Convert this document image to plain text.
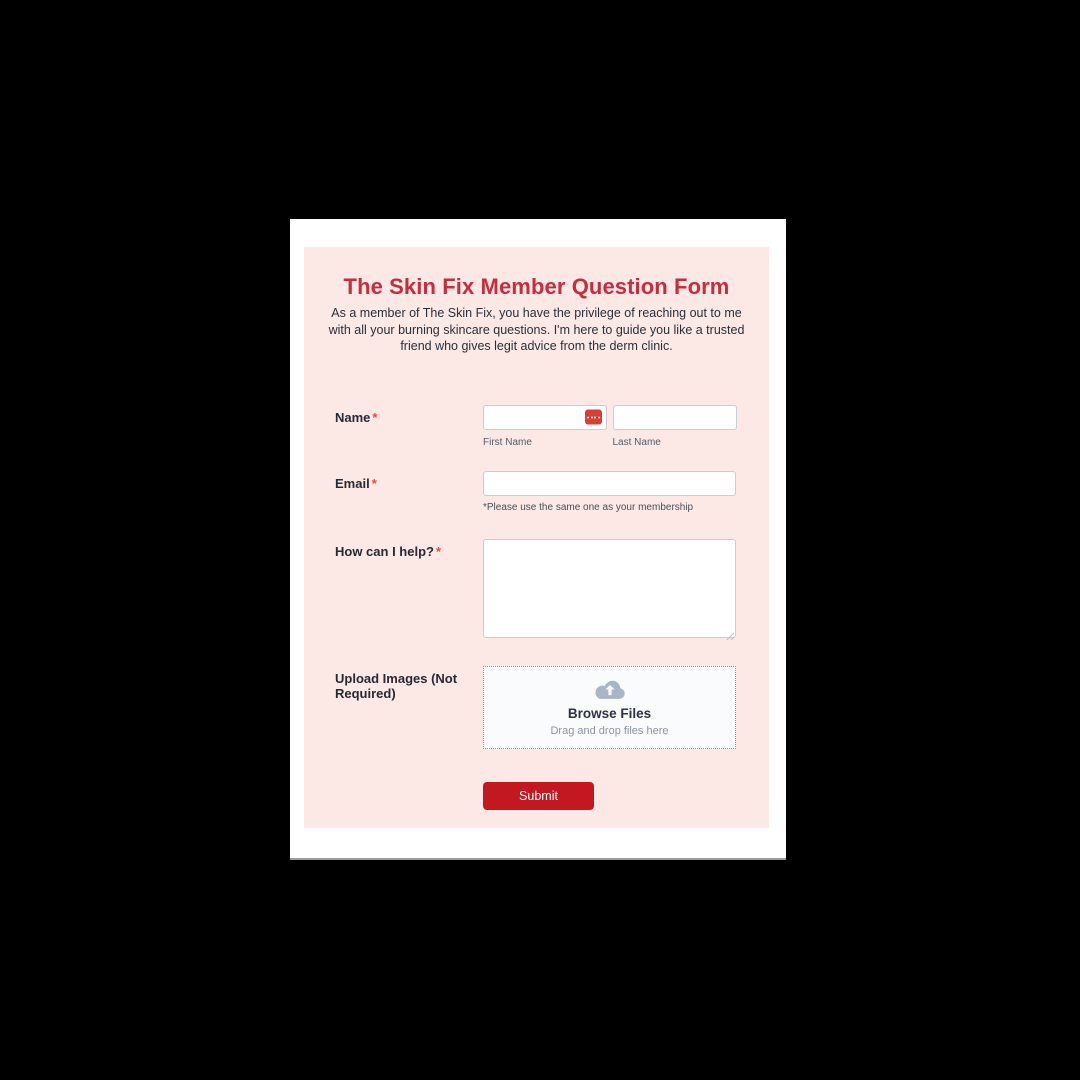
The Skin Fix Member Question Form

As a member of The Skin Fix, you have the privilege of reaching out to me with all your burning skincare questions. I'm here to guide you like a trusted friend who gives legit advice from the derm clinic.

Name *
First Name	Last Name
Email *
*Please use the same one as your membership
How can I help? *
Upload Images (Not Required)
Browse Files
Drag and drop files here
Submit
